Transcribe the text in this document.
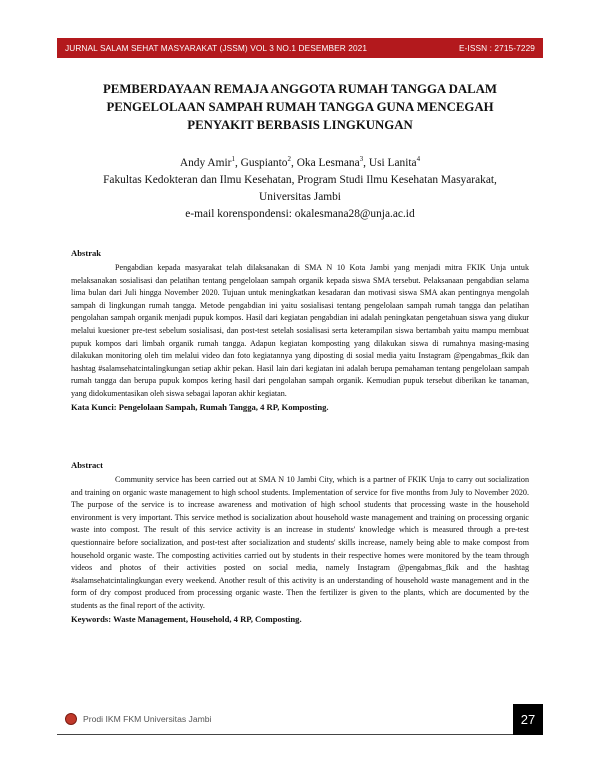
JURNAL SALAM SEHAT MASYARAKAT (JSSM) VOL 3 NO.1 DESEMBER 2021	E-ISSN : 2715-7229
PEMBERDAYAAN REMAJA ANGGOTA RUMAH TANGGA DALAM
PENGELOLAAN SAMPAH RUMAH TANGGA GUNA MENCEGAH
PENYAKIT BERBASIS LINGKUNGAN
Andy Amir$^1$, Guspianto$^2$, Oka Lesmana$^3$, Usi Lanita$^4$
Fakultas Kedokteran dan Ilmu Kesehatan, Program Studi Ilmu Kesehatan Masyarakat,
Universitas Jambi
e-mail korenspondensi: okalesmana28@unja.ac.id
Abstrak

Pengabdian kepada masyarakat telah dilaksanakan di SMA N 10 Kota Jambi yang menjadi mitra FKIK Unja untuk melaksanakan sosialisasi dan pelatihan tentang pengelolaan sampah organik kepada siswa SMA tersebut. Pelaksanaan pengabdian selama lima bulan dari Juli hingga November 2020. Tujuan untuk meningkatkan kesadaran dan motivasi siswa SMA akan pentingnya mengolah sampah di lingkungan rumah tangga. Metode pengabdian ini yaitu sosialisasi tentang pengelolaan sampah rumah tangga dan pelatihan pengolahan sampah organik menjadi pupuk kompos. Hasil dari kegiatan pengabdian ini adalah peningkatan pengetahuan siswa yang diukur melalui kuesioner pre-test sebelum sosialisasi, dan post-test setelah sosialisasi serta keterampilan siswa bertambah yaitu mampu membuat pupuk kompos dari limbah organik rumah tangga. Adapun kegiatan komposting yang dilakukan siswa di rumahnya masing-masing dilakukan monitoring oleh tim melalui video dan foto kegiatannya yang diposting di sosial media yaitu Instagram @pengabmas_fkik dan hashtag #salamsehatcintalingkungan setiap akhir pekan. Hasil lain dari kegiatan ini adalah berupa pemahaman tentang pengelolaan sampah rumah tangga dan berupa pupuk kompos kering hasil dari pengolahan sampah organik. Kemudian pupuk tersebut diberikan ke tanaman, yang didokumentasikan oleh siswa sebagai laporan akhir kegiatan.

Kata Kunci: Pengelolaan Sampah, Rumah Tangga, 4 RP, Komposting.
Abstract

Community service has been carried out at SMA N 10 Jambi City, which is a partner of FKIK Unja to carry out socialization and training on organic waste management to high school students. Implementation of service for five months from July to November 2020. The purpose of the service is to increase awareness and motivation of high school students that processing waste in the household environment is very important. This service method is socialization about household waste management and training on processing organic waste into compost. The result of this service activity is an increase in students' knowledge which is measured through a pre-test questionnaire before socialization, and post-test after socialization and students' skills increase, namely being able to make compost from household organic waste. The composting activities carried out by students in their respective homes were monitored by the team through videos and photos of their activities posted on social media, namely Instagram @pengabmas_fkik and the hashtag #salamsehatcintalingkungan every weekend. Another result of this activity is an understanding of household waste management and in the form of dry compost produced from processing organic waste. Then the fertilizer is given to the plants, which are documented by the students as the final report of the activity.

Keywords: Waste Management, Household, 4 RP, Composting.
Prodi IKM FKM Universitas Jambi	27
